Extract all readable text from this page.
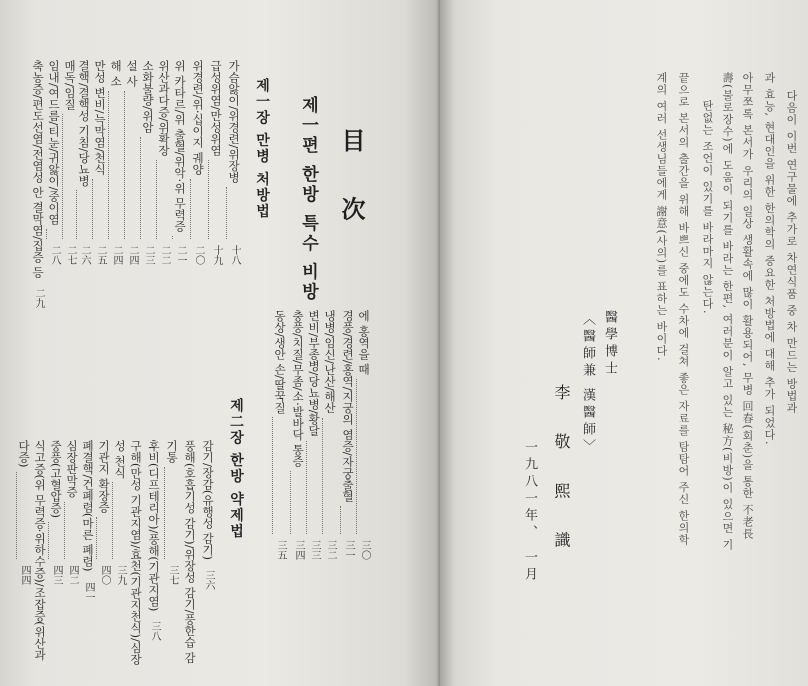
目 次
제一편 한방 특수 비방
제一장 만병 처방법
제二장 한방 약제법
가슴앓이/위경련/위장병
十八
급성위염/만성위염
十九
위경련/위·십이지 궤양
二〇
위 카타르/위 출혈/위악·위 무력증
二一
위산과다증/위확장
二二
소화불량/위암
二三
설 사
二四
해 소
二四
만성 변비/늑막염/천식
二五
결핵/결핵성 기침/당뇨병
二六
매독/임질
二七
임내/여드름/티눈/귀앓이/중이염
二八
축농증/편도선염/전염성 안 결막염/집증 등
二九
감기/장감(유행성 감기)
三六
풍해(호흡기성 감기)/위장성 감기/풍한습 감
기통
三七
후비(디프테리아)/풍해(기관지염)
三八
구해(만성 기관지염)/효천(기관지천식)/심장
성 천식
三九
기관지 확장증
四〇
폐결핵/건폐렴(마른 폐렴)
四一
심장판막증
四二
중풍(고혈압증)
四三
식고증(위 무력증·위하수증)/조잡증(위산과
다증)
四四
에 홍역을 때
三〇
경풍/경련/홍역/지궁의 염증/자궁출혈
三一
냉병/임신/난산/해산
三二
변비/부종병/당뇨병/황달
三三
충풍/치질/무좀/소·발바닥 통증
三四
동상/생안 손/딸꾹질
三五
다음이 이번 연구물에 추가로 차연식품 중 차 만드는 방법과
과 효능, 현대인을 위한 한의학의 중요한 처방법에 대해 추가 되었다.
아무쪼록 본서가 우리의 일상 생활속에 많이 활용되어, 무병 回春(회춘)을 통한 不老長
壽(불로장수)에 도움이 되기를 바라는 한편, 여러분이 알고 있는 秘方(비방)이 있으면 기
탄없는 조언이 있기를 바라마지 않는다.
끝으로 본서의 출간을 위해 바쁘신 중에도 수차에 걸쳐 좋은 자료를 탐탐어 주신 한의학
계의 여러 선생님들에게 謝意(사의)를 표하는 바이다.
醫學博士
〈醫師兼 漢醫師〉
李 敬 熙 識
一九八一年、 一月
